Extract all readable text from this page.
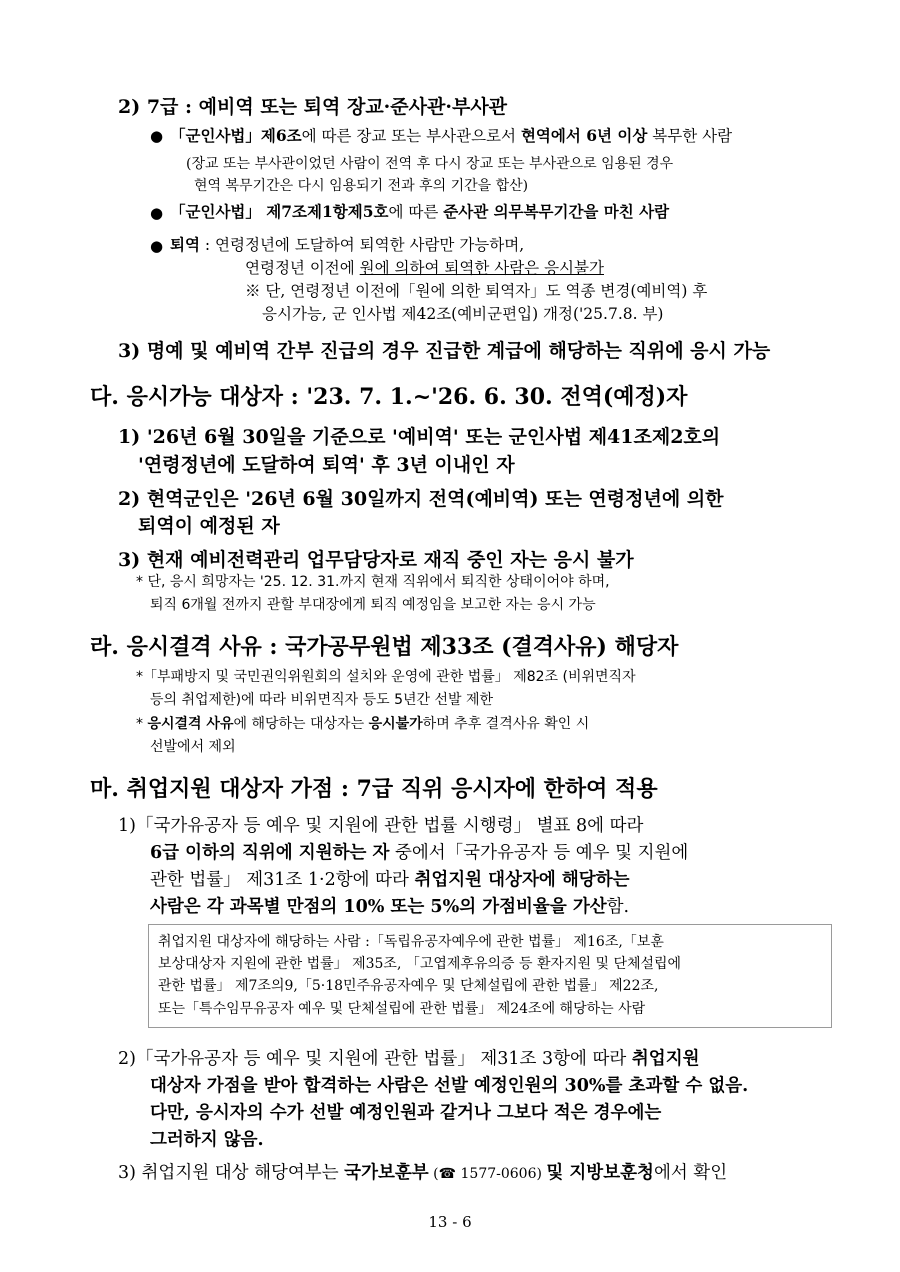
2) 7급 : 예비역 또는 퇴역 장교·준사관·부사관
● 「군인사법」제6조에 따른 장교 또는 부사관으로서 현역에서 6년 이상 복무한 사람
(장교 또는 부사관이었던 사람이 전역 후 다시 장교 또는 부사관으로 임용된 경우
현역 복무기간은 다시 임용되기 전과 후의 기간을 합산)
● 「군인사법」 제7조제1항제5호에 따른 준사관 의무복무기간을 마친 사람
● 퇴역 : 연령정년에 도달하여 퇴역한 사람만 가능하며,
연령정년 이전에 원에 의하여 퇴역한 사람은 응시불가
※ 단, 연령정년 이전에「원에 의한 퇴역자」도 역종 변경(예비역) 후
응시가능, 군 인사법 제42조(예비군편입) 개정('25.7.8. 부)
3) 명예 및 예비역 간부 진급의 경우 진급한 계급에 해당하는 직위에 응시 가능
다. 응시가능 대상자 : '23. 7. 1.~'26. 6. 30. 전역(예정)자
1) '26년 6월 30일을 기준으로 '예비역' 또는 군인사법 제41조제2호의
'연령정년에 도달하여 퇴역' 후 3년 이내인 자
2) 현역군인은 '26년 6월 30일까지 전역(예비역) 또는 연령정년에 의한
퇴역이 예정된 자
3) 현재 예비전력관리 업무담당자로 재직 중인 자는 응시 불가
* 단, 응시 희망자는 '25. 12. 31.까지 현재 직위에서 퇴직한 상태이어야 하며,
퇴직 6개월 전까지 관할 부대장에게 퇴직 예정임을 보고한 자는 응시 가능
라. 응시결격 사유 : 국가공무원법 제33조 (결격사유) 해당자
*「부패방지 및 국민권익위원회의 설치와 운영에 관한 법률」 제82조 (비위면직자
등의 취업제한)에 따라 비위면직자 등도 5년간 선발 제한
* 응시결격 사유에 해당하는 대상자는 응시불가하며 추후 결격사유 확인 시
선발에서 제외
마. 취업지원 대상자 가점 : 7급 직위 응시자에 한하여 적용
1)「국가유공자 등 예우 및 지원에 관한 법률 시행령」 별표 8에 따라
6급 이하의 직위에 지원하는 자 중에서「국가유공자 등 예우 및 지원에
관한 법률」 제31조 1·2항에 따라 취업지원 대상자에 해당하는
사람은 각 과목별 만점의 10% 또는 5%의 가점비율을 가산함.
취업지원 대상자에 해당하는 사람 :「독립유공자예우에 관한 법률」 제16조,「보훈
보상대상자 지원에 관한 법률」 제35조, 「고엽제후유의증 등 환자지원 및 단체설립에
관한 법률」 제7조의9,「5·18민주유공자예우 및 단체설립에 관한 법률」 제22조,
또는「특수임무유공자 예우 및 단체설립에 관한 법률」 제24조에 해당하는 사람
2)「국가유공자 등 예우 및 지원에 관한 법률」 제31조 3항에 따라 취업지원
대상자 가점을 받아 합격하는 사람은 선발 예정인원의 30%를 초과할 수 없음.
다만, 응시자의 수가 선발 예정인원과 같거나 그보다 적은 경우에는
그러하지 않음.
3) 취업지원 대상 해당여부는 국가보훈부 (☎ 1577-0606) 및 지방보훈청에서 확인
13 - 6
